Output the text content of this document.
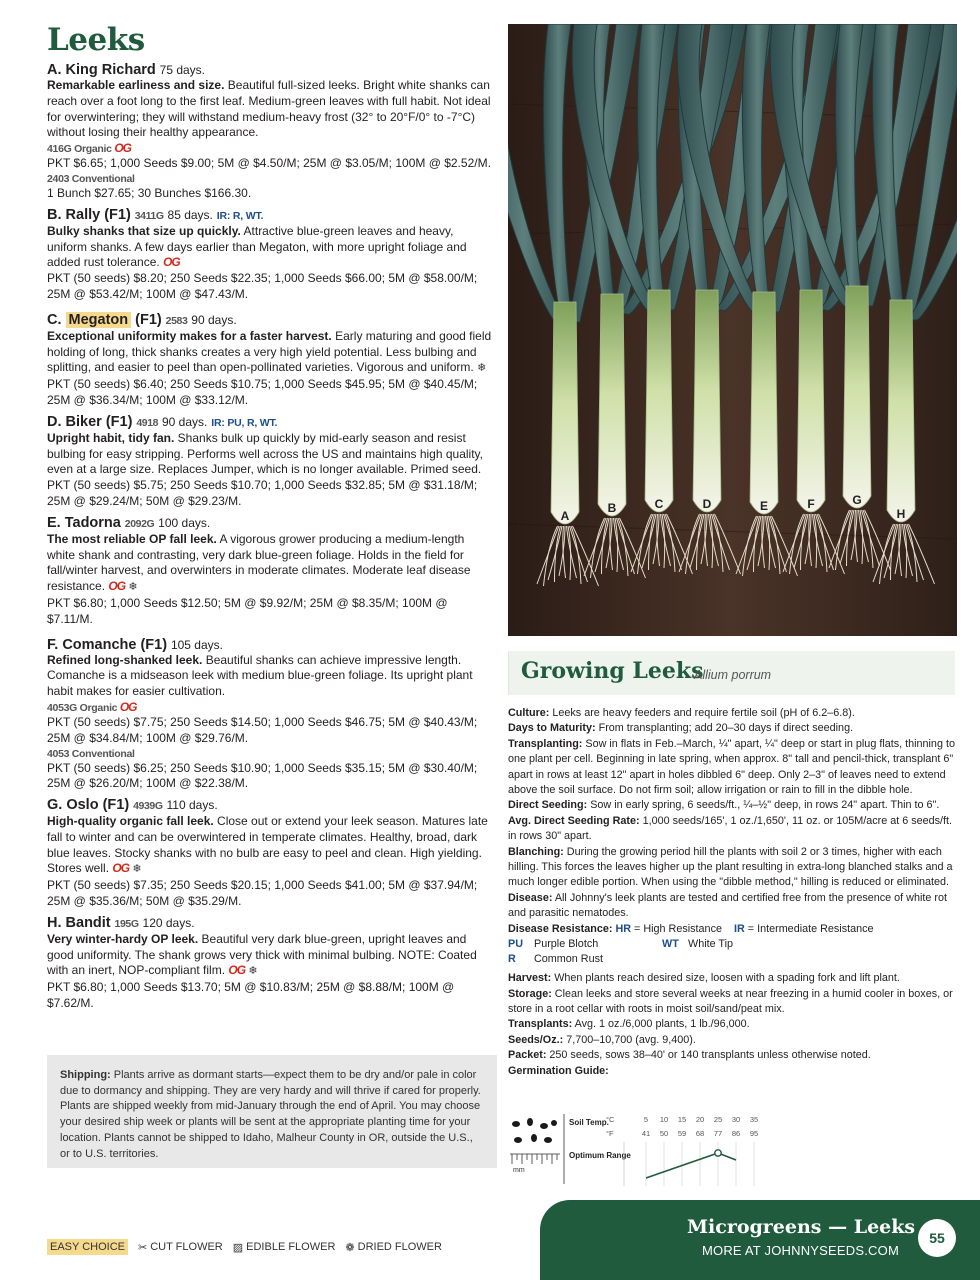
Leeks
A. King Richard 75 days.
Remarkable earliness and size. Beautiful full-sized leeks. Bright white shanks can reach over a foot long to the first leaf. Medium-green leaves with full habit. Not ideal for overwintering; they will withstand medium-heavy frost (32° to 20°F/0° to -7°C) without losing their healthy appearance.
416G Organic OG
PKT $6.65; 1,000 Seeds $9.00; 5M @ $4.50/M; 25M @ $3.05/M; 100M @ $2.52/M.
2403 Conventional
1 Bunch $27.65; 30 Bunches $166.30.
B. Rally (F1) 3411G 85 days. IR: R, WT.
Bulky shanks that size up quickly. Attractive blue-green leaves and heavy, uniform shanks. A few days earlier than Megaton, with more upright foliage and added rust tolerance. OG
PKT (50 seeds) $8.20; 250 Seeds $22.35; 1,000 Seeds $66.00; 5M @ $58.00/M; 25M @ $53.42/M; 100M @ $47.43/M.
C. Megaton (F1) 2583 90 days.
Exceptional uniformity makes for a faster harvest. Early maturing and good field holding of long, thick shanks creates a very high yield potential. Less bulbing and splitting, and easier to peel than open-pollinated varieties. Vigorous and uniform. ❄
PKT (50 seeds) $6.40; 250 Seeds $10.75; 1,000 Seeds $45.95; 5M @ $40.45/M; 25M @ $36.34/M; 100M @ $33.12/M.
D. Biker (F1) 4918 90 days. IR: PU, R, WT.
Upright habit, tidy fan. Shanks bulk up quickly by mid-early season and resist bulbing for easy stripping. Performs well across the US and maintains high quality, even at a large size. Replaces Jumper, which is no longer available. Primed seed.
PKT (50 seeds) $5.75; 250 Seeds $10.70; 1,000 Seeds $32.85; 5M @ $31.18/M; 25M @ $29.24/M; 50M @ $29.23/M.
E. Tadorna 2092G 100 days.
The most reliable OP fall leek. A vigorous grower producing a medium-length white shank and contrasting, very dark blue-green foliage. Holds in the field for fall/winter harvest, and overwinters in moderate climates. Moderate leaf disease resistance. OG ❄
PKT $6.80; 1,000 Seeds $12.50; 5M @ $9.92/M; 25M @ $8.35/M; 100M @ $7.11/M.
F. Comanche (F1) 105 days.
Refined long-shanked leek. Beautiful shanks can achieve impressive length. Comanche is a midseason leek with medium blue-green foliage. Its upright plant habit makes for easier cultivation.
4053G Organic OG
PKT (50 seeds) $7.75; 250 Seeds $14.50; 1,000 Seeds $46.75; 5M @ $40.43/M; 25M @ $34.84/M; 100M @ $29.76/M.
4053 Conventional
PKT (50 seeds) $6.25; 250 Seeds $10.90; 1,000 Seeds $35.15; 5M @ $30.40/M; 25M @ $26.20/M; 100M @ $22.38/M.
G. Oslo (F1) 4939G 110 days.
High-quality organic fall leek. Close out or extend your leek season. Matures late fall to winter and can be overwintered in temperate climates. Healthy, broad, dark blue leaves. Stocky shanks with no bulb are easy to peel and clean. High yielding. Stores well. OG ❄
PKT (50 seeds) $7.35; 250 Seeds $20.15; 1,000 Seeds $41.00; 5M @ $37.94/M; 25M @ $35.36/M; 50M @ $35.29/M.
H. Bandit 195G 120 days.
Very winter-hardy OP leek. Beautiful very dark blue-green, upright leaves and good uniformity. The shank grows very thick with minimal bulbing. NOTE: Coated with an inert, NOP-compliant film. OG ❄
PKT $6.80; 1,000 Seeds $13.70; 5M @ $10.83/M; 25M @ $8.88/M; 100M @ $7.62/M.
Shipping: Plants arrive as dormant starts—expect them to be dry and/or pale in color due to dormancy and shipping. They are very hardy and will thrive if cared for properly. Plants are shipped weekly from mid-January through the end of April. You may choose your desired ship week or plants will be sent at the appropriate planting time for your location. Plants cannot be shipped to Idaho, Malheur County in OR, outside the U.S., or to U.S. territories.
A
B	C	D	E	F	G
H
Growing Leeks
Allium porrum
Culture: Leeks are heavy feeders and require fertile soil (pH of 6.2–6.8).
Days to Maturity: From transplanting; add 20–30 days if direct seeding.
Transplanting: Sow in flats in Feb.–March, ¼" apart, ¼" deep or start in plug flats, thinning to one plant per cell. Beginning in late spring, when approx. 8" tall and pencil-thick, transplant 6" apart in rows at least 12" apart in holes dibbled 6" deep. Only 2–3" of leaves need to extend above the soil surface. Do not firm soil; allow irrigation or rain to fill in the dibble hole.
Direct Seeding: Sow in early spring, 6 seeds/ft., ¼–½" deep, in rows 24" apart. Thin to 6".
Avg. Direct Seeding Rate: 1,000 seeds/165', 1 oz./1,650', 11 oz. or 105M/acre at 6 seeds/ft. in rows 30" apart.
Blanching: During the growing period hill the plants with soil 2 or 3 times, higher with each hilling. This forces the leaves higher up the plant resulting in extra-long blanched stalks and a much longer edible portion. When using the "dibble method," hilling is reduced or eliminated.
Disease: All Johnny's leek plants are tested and certified free from the presence of white rot and parasitic nematodes.
Disease Resistance: HR = High Resistance IR = Intermediate Resistance
PU	Purple Blotch	WT White Tip
R	Common Rust
Harvest: When plants reach desired size, loosen with a spading fork and lift plant.
Storage: Clean leeks and store several weeks at near freezing in a humid cooler in boxes, or store in a root cellar with roots in moist soil/sand/peat mix.
Transplants: Avg. 1 oz./6,000 plants, 1 lb./96,000.
Seeds/Oz.: 7,700–10,700 (avg. 9,400).
Packet: 250 seeds, sows 38–40' or 140 transplants unless otherwise noted.
Germination Guide:
mm
Soil Temp.
°C
°F
5
41
10
50
15
59
20
68
25
77
30
86
35
95
Optimum Range
Microgreens — Leeks
MORE AT JOHNNYSEEDS.COM
55
EASY CHOICE ✂ CUT FLOWER ▨ EDIBLE FLOWER ❁ DRIED FLOWER
